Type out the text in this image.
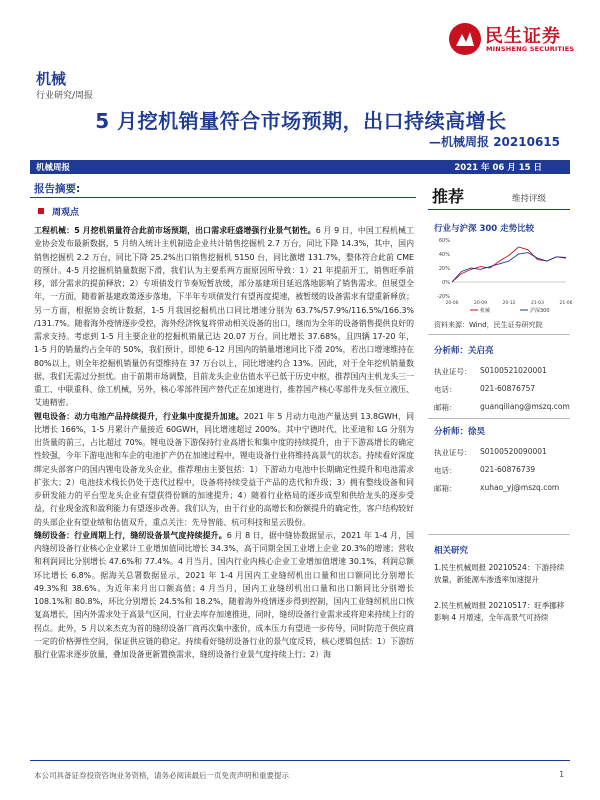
民生证券
MINSHENG SECURITIES
机械
行业研究/周报
5 月挖机销量符合市场预期，出口持续高增长
—机械周报 20210615
机械周报	2021 年 06 月 15 日
报告摘要:
周观点

工程机械：5 月挖机销量符合此前市场预期，出口需求旺盛增强行业景气韧性。6 月 9 日，中国工程机械工业协会发布最新数据，5 月纳入统计主机制造企业共计销售挖掘机 2.7 万台，同比下降 14.3%，其中，国内销售挖掘机 2.2 万台，同比下降 25.2%出口销售挖掘机 5150 台，同比激增 131.7%，整体符合此前 CME 的预计。4-5 月挖掘机销量数据下滑，我们认为主要系两方面原因所导致：1）21 年提前开工，销售旺季前移，部分需求的提前释放；2）专项债发行节奏短暂放缓，部分基建项目延迟落地影响了销售需求。但展望全年，一方面，随着新基建政策逐步落地，下半年专项债发行有望再度提速，被暂缓的设备需求有望重新释放；另一方面，根据协会统计数据，1-5 月我国挖掘机出口同比增速分别为 63.7%/57.9%/116.5%/166.3% /131.7%。随着海外疫情逐步受控，海外经济恢复将带动相关设备的出口，继而为全年的设备销售提供良好的需求支持。考虑到 1-5 月主要企业的挖掘机销量已达 20.07 万台，同比增长 37.68%，且四辆 17-20 年，1-5 月的销量约占全年的 50%，我们预计，即使 6-12 月国内的销量增速同比下滑 20%，若出口增速维持在 80%以上，则全年挖掘机销量仍有望维持在 37 万台以上，同比增速约合 13%。因此，对于全年挖机销量数据，我们无需过分担忧。由于前期市场调整，目前龙头企业估值水平已低于历史中枢，推荐国内主机龙头三一重工、中联重科、徐工机械，另外，核心零部件国产替代正在加速进行，推荐国产核心零部件龙头恒立液压、艾迪精密。

锂电设备：动力电池产品持续提升，行业集中度提升加速。2021 年 5 月动力电池产量达到 13.8GWH，同比增长 166%，1-5 月累计产量接近 60GWH，同比增速超过 200%。其中宁德时代、比亚迪和 LG 分别为出货量的前三，占比超过 70%。锂电设备下游保持行业高增长和集中度的持续提升，由于下游高增长的确定性较强，今年下游电池和车企的电池扩产仍在加速过程中，锂电设备行业将维持高景气的状态。持续看好深度绑定头部客户的国内锂电设备龙头企业，推荐理由主要包括：1）下游动力电池中长期确定性提升和电池需求扩张大；2）电池技术栈长仍处于迭代过程中，设备将持续受益于产品的迭代和升级；3）拥有整线设备和同步研发能力的平台型龙头企业有望获得份额的加速提升；4）随着行业格局的逐步成型和供给龙头的逐步受益，行业现金流和盈利能力有望逐步改善。我们认为，由于行业的高增长和份额提升的确定性，客户结构较好的头部企业有望业绩和估值双升，重点关注：先导智能、杭可科技和星云股份。

缝纫设备：行业周期上行，缝纫设备景气度持续提升。6 月 8 日，据中缝协数据显示，2021 年 1-4 月，国内缝纫设备行业核心企业累计工业增加值同比增长 34.3%，高于同期全国工业增上企业 20.3%的增速；营收和利润同比分别增长 47.6%和 77.4%。4 月当月，国内行业内核心企业工业增加值增速 30.1%，利润总额环比增长 6.8%。据海关总署数据显示，2021 年 1-4 月国内工业缝纫机出口量和出口额同比分别增长 49.3%和 38.6%。为近年来月出口额高值；4 月当月，国内工业缝纫机出口量和出口额同比分别增长 108.1%和 80.8%，环比分别增长 24.5%和 18.2%，随着海外疫情逐步得到控制，国内工业缝纫机出口恢复高增长，国内外需求处于高景气区间，行业去库存加速推进，同时，缝纫设备行业需求或将迎来持续上行的拐点。此外，5 月以来杰克为首的缝纫设备厂商再次集中涨价，成本压力有望进一步传导，同时防范于供应商一定的价格弹性空间，保证供应链的稳定。持续看好缝纫设备行业的景气度反转，核心逻辑包括：1）下游纺服行业需求逐步放量，叠加设备更新置换需求，缝纫设备行业景气度持续上行；2）海

推荐	维持评级
行业与沪深 300 走势比较
60%
40%
20%
0%
-20%
20-06	20-09	20-12	21-03	21-06
机械	沪深300
资料来源：Wind，民生证券研究院
分析师：关启亮
执业证号： S0100521020001
电话：	021-60876757
邮箱：	guanqiliang@mszq.com
分析师：徐昊
执业证号： S0100520090001
电话：	021-60876739
邮箱：	xuhao_yj@mszq.com
相关研究
1.民生机械周报 20210524：下游持续放量，新能源车渗透率加速提升
2.民生机械周报 20210517：旺季挪移影响 4 月增速，全年高景气可持续
本公司具备证券投资咨询业务资格，请务必阅读最后一页免责声明和重要提示	1
